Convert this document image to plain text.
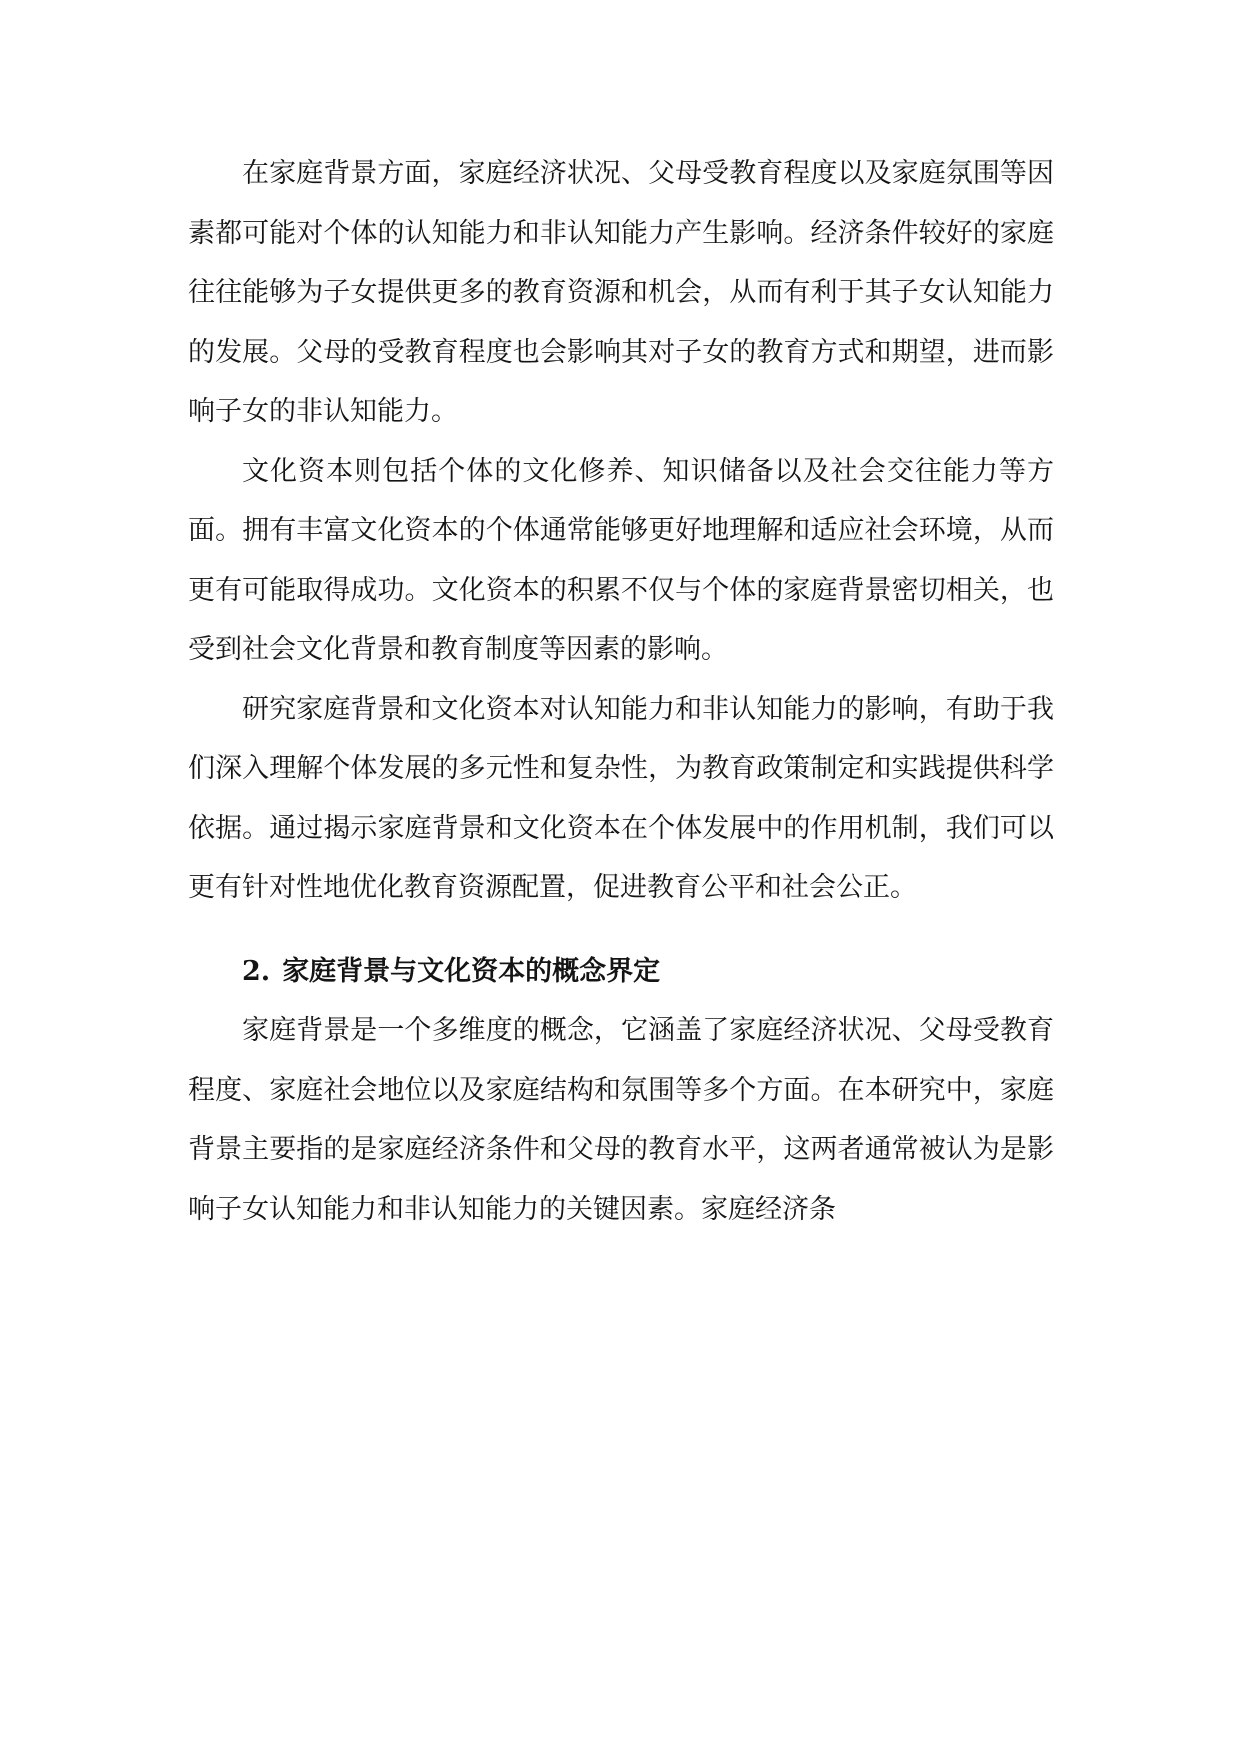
在家庭背景方面，家庭经济状况、父母受教育程度以及家庭氛围等因素都可能对个体的认知能力和非认知能力产生影响。经济条件较好的家庭往往能够为子女提供更多的教育资源和机会，从而有利于其子女认知能力的发展。父母的受教育程度也会影响其对子女的教育方式和期望，进而影响子女的非认知能力。

文化资本则包括个体的文化修养、知识储备以及社会交往能力等方面。拥有丰富文化资本的个体通常能够更好地理解和适应社会环境，从而更有可能取得成功。文化资本的积累不仅与个体的家庭背景密切相关，也受到社会文化背景和教育制度等因素的影响。

研究家庭背景和文化资本对认知能力和非认知能力的影响，有助于我们深入理解个体发展的多元性和复杂性，为教育政策制定和实践提供科学依据。通过揭示家庭背景和文化资本在个体发展中的作用机制，我们可以更有针对性地优化教育资源配置，促进教育公平和社会公正。

2. 家庭背景与文化资本的概念界定

家庭背景是一个多维度的概念，它涵盖了家庭经济状况、父母受教育程度、家庭社会地位以及家庭结构和氛围等多个方面。在本研究中，家庭背景主要指的是家庭经济条件和父母的教育水平，这两者通常被认为是影响子女认知能力和非认知能力的关键因素。家庭经济条
